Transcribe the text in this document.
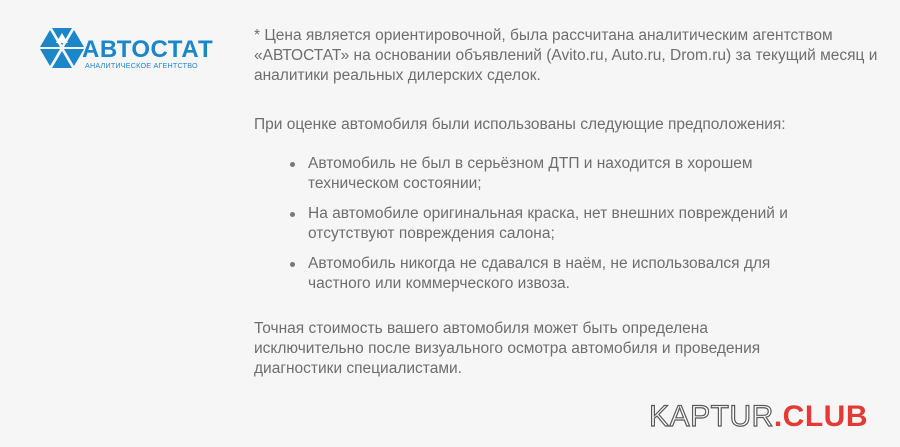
АВТОСТАТ
АНАЛИТИЧЕСКОЕ АГЕНТСТВО

* Цена является ориентировочной, была рассчитана аналитическим агентством «АВТОСТАТ» на основании объявлений (Avito.ru, Auto.ru, Drom.ru) за текущий месяц и аналитики реальных дилерских сделок.

При оценке автомобиля были использованы следующие предположения:

Автомобиль не был в серьёзном ДТП и находится в хорошем техническом состоянии;
На автомобиле оригинальная краска, нет внешних повреждений и отсутствуют повреждения салона;
Автомобиль никогда не сдавался в наём, не использовался для частного или коммерческого извоза.

Точная стоимость вашего автомобиля может быть определена исключительно после визуального осмотра автомобиля и проведения диагностики специалистами.

KAPTUR.CLUB
